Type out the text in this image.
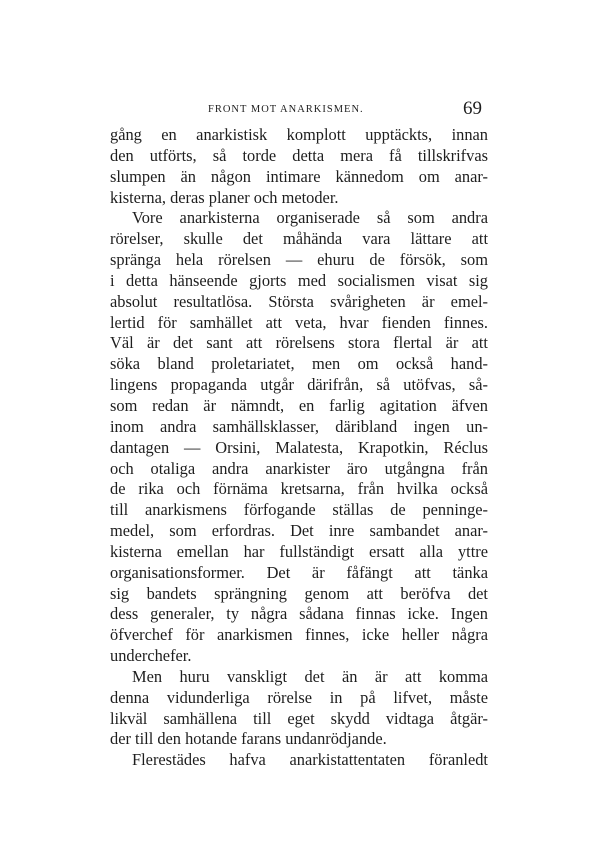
FRONT MOT ANARKISMEN.	69
gång en anarkistisk komplott upptäckts, innan
den utförts, så torde detta mera få tillskrifvas
slumpen än någon intimare kännedom om anar-
kisterna, deras planer och metoder.
Vore anarkisterna organiserade så som andra
rörelser, skulle det måhända vara lättare att
spränga hela rörelsen — ehuru de försök, som
i detta hänseende gjorts med socialismen visat sig
absolut resultatlösa. Största svårigheten är emel-
lertid för samhället att veta, hvar fienden finnes.
Väl är det sant att rörelsens stora flertal är att
söka bland proletariatet, men om också hand-
lingens propaganda utgår därifrån, så utöfvas, så-
som redan är nämndt, en farlig agitation äfven
inom andra samhällsklasser, däribland ingen un-
dantagen — Orsini, Malatesta, Krapotkin, Réclus
och otaliga andra anarkister äro utgångna från
de rika och förnäma kretsarna, från hvilka också
till anarkismens förfogande ställas de penninge-
medel, som erfordras. Det inre sambandet anar-
kisterna emellan har fullständigt ersatt alla yttre
organisationsformer. Det är fåfängt att tänka
sig bandets sprängning genom att beröfva det
dess generaler, ty några sådana finnas icke. Ingen
öfverchef för anarkismen finnes, icke heller några
underchefer.
Men huru vanskligt det än är att komma
denna vidunderliga rörelse in på lifvet, måste
likväl samhällena till eget skydd vidtaga åtgär-
der till den hotande farans undanrödjande.
Flerestädes hafva anarkistattentaten föranledt
